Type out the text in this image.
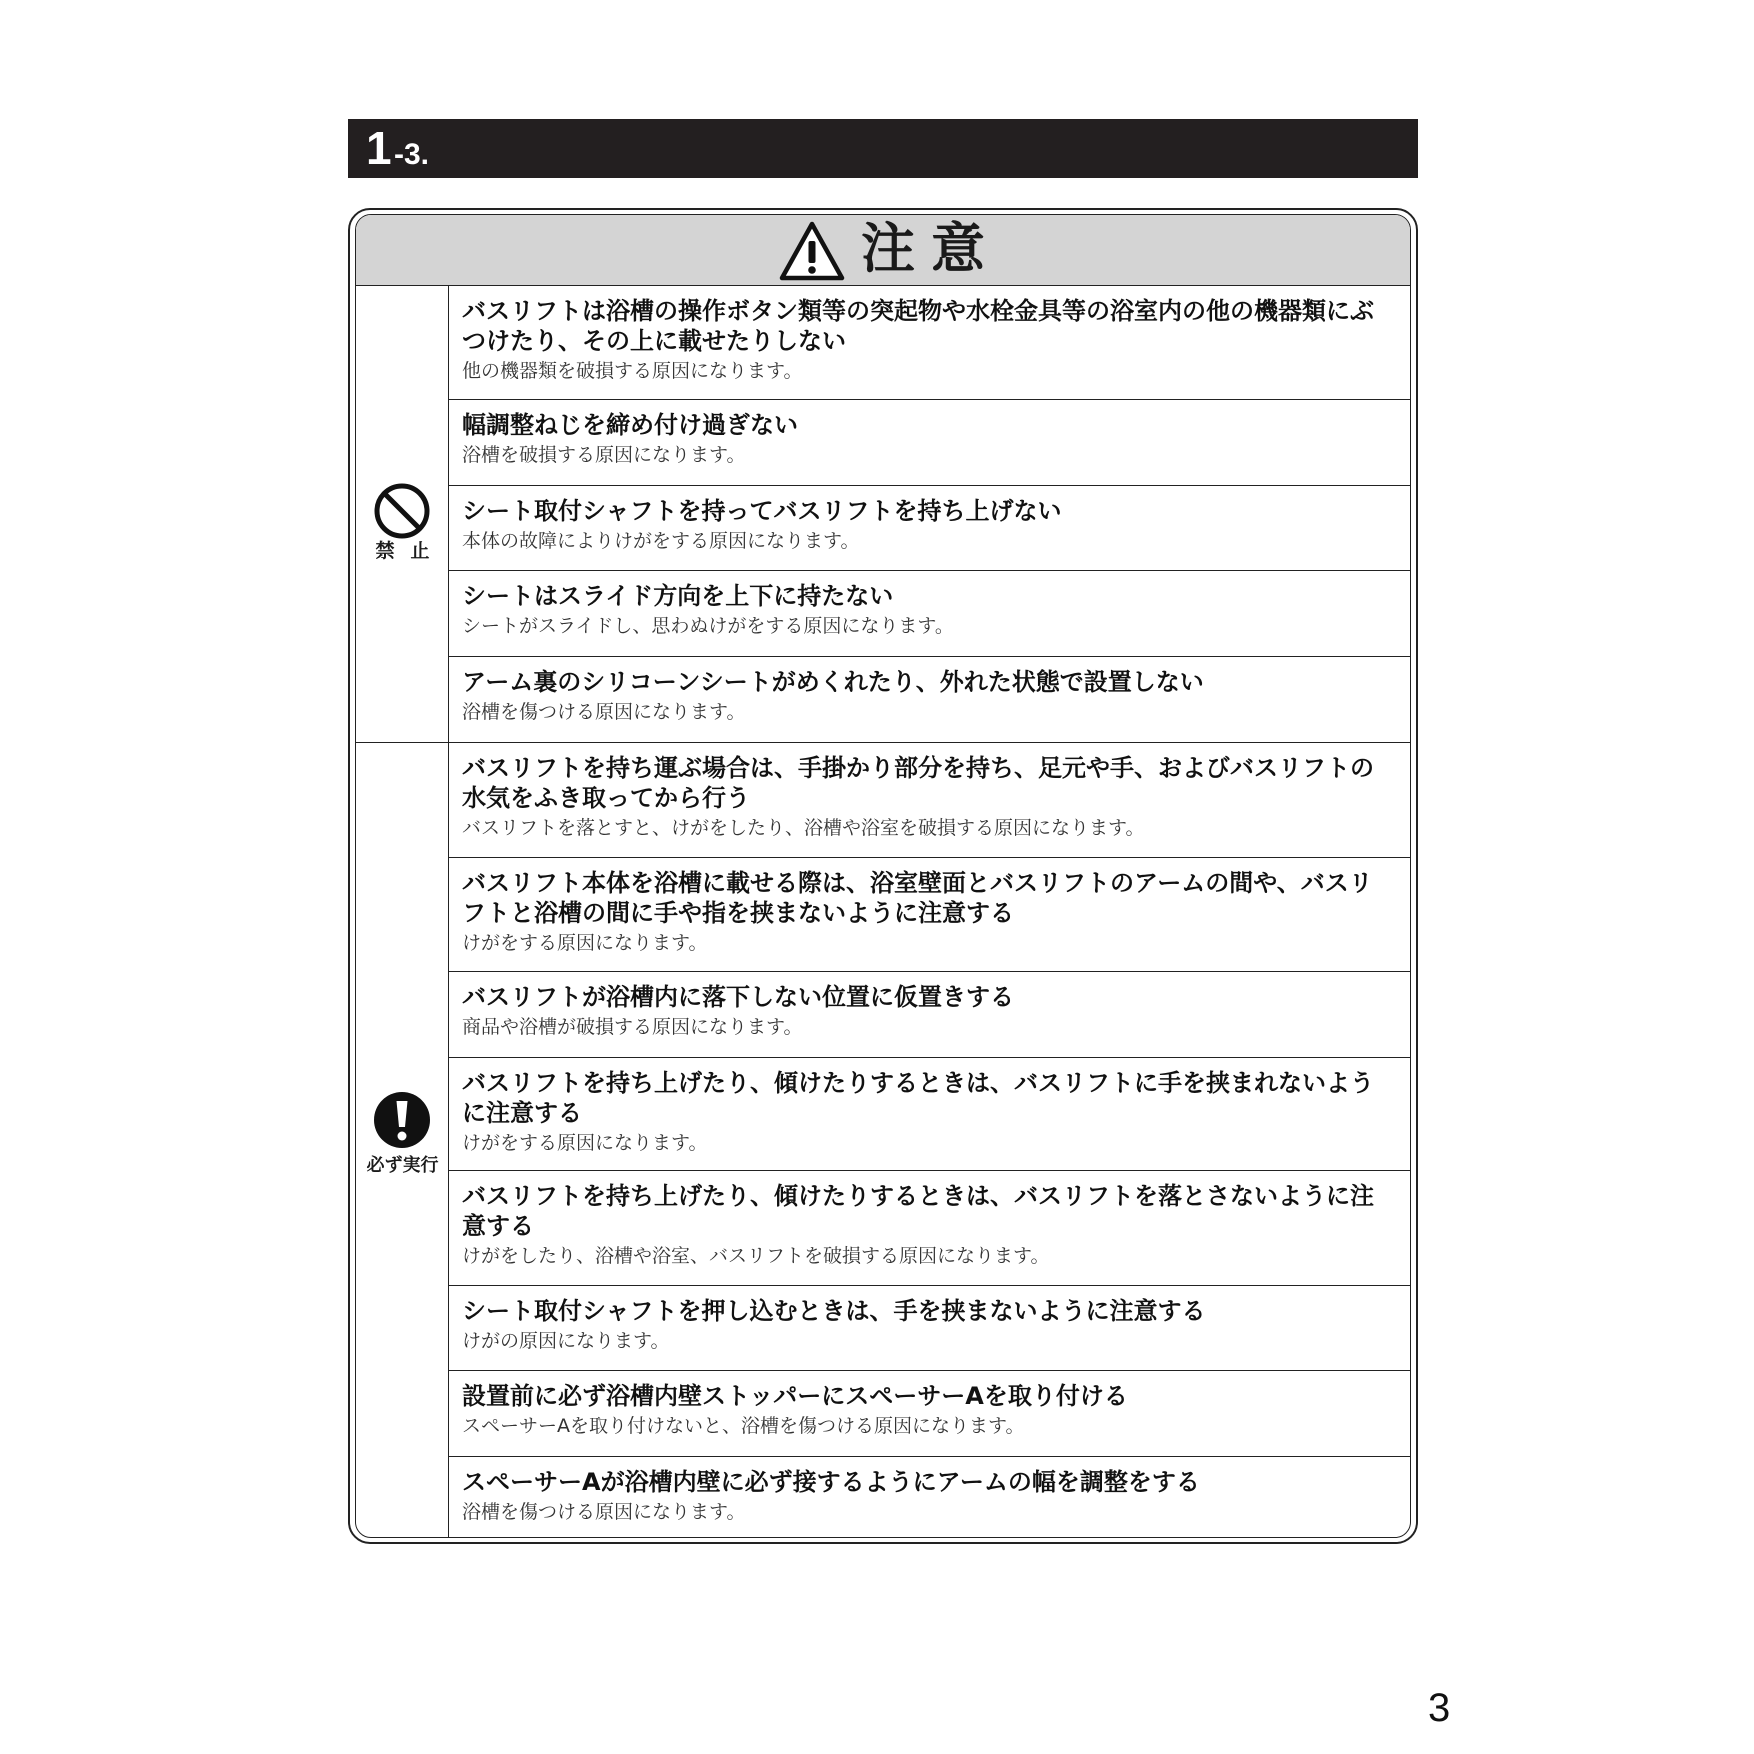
1 -3.
注意
禁止
バスリフトは浴槽の操作ボタン類等の突起物や水栓金具等の浴室内の他の機器類にぶつけたり、その上に載せたりしない
他の機器類を破損する原因になります。
幅調整ねじを締め付け過ぎない
浴槽を破損する原因になります。
シート取付シャフトを持ってバスリフトを持ち上げない
本体の故障によりけがをする原因になります。
シートはスライド方向を上下に持たない
シートがスライドし、思わぬけがをする原因になります。
アーム裏のシリコーンシートがめくれたり、外れた状態で設置しない
浴槽を傷つける原因になります。
必ず実行
バスリフトを持ち運ぶ場合は、手掛かり部分を持ち、足元や手、およびバスリフトの水気をふき取ってから行う
バスリフトを落とすと、けがをしたり、浴槽や浴室を破損する原因になります。
バスリフト本体を浴槽に載せる際は、浴室壁面とバスリフトのアームの間や、バスリフトと浴槽の間に手や指を挟まないように注意する
けがをする原因になります。
バスリフトが浴槽内に落下しない位置に仮置きする
商品や浴槽が破損する原因になります。
バスリフトを持ち上げたり、傾けたりするときは、バスリフトに手を挟まれないように注意する
けがをする原因になります。
バスリフトを持ち上げたり、傾けたりするときは、バスリフトを落とさないように注意する
けがをしたり、浴槽や浴室、バスリフトを破損する原因になります。
シート取付シャフトを押し込むときは、手を挟まないように注意する
けがの原因になります。
設置前に必ず浴槽内壁ストッパーにスペーサーAを取り付ける
スペーサーAを取り付けないと、浴槽を傷つける原因になります。
スペーサーAが浴槽内壁に必ず接するようにアームの幅を調整をする
浴槽を傷つける原因になります。
3
